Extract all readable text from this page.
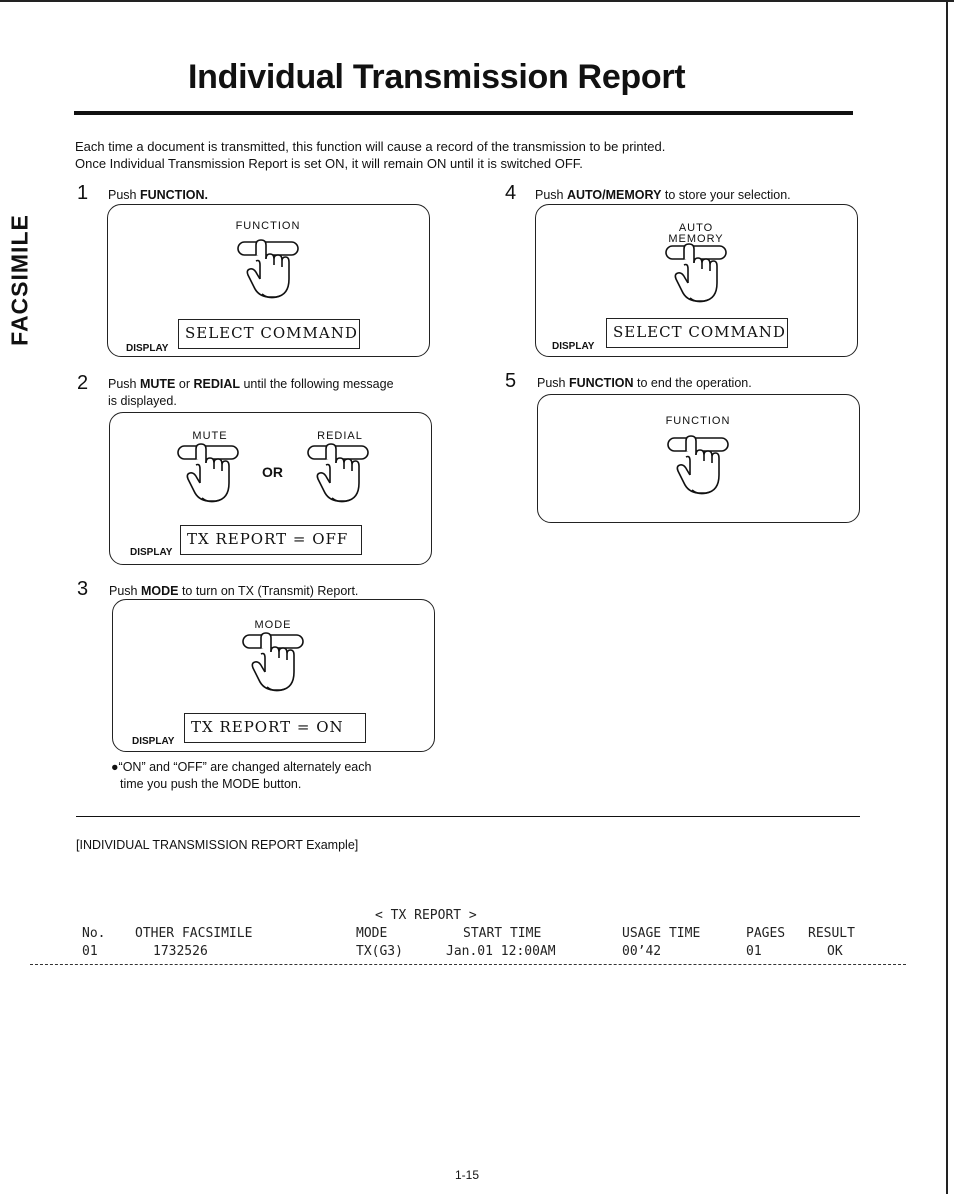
Individual Transmission Report
FACSIMILE
Each time a document is transmitted, this function will cause a record of the transmission to be printed.
Once Individual Transmission Report is set ON, it will remain ON until it is switched OFF.
1 Push FUNCTION.
FUNCTION
DISPLAY
SELECT COMMAND
2 Push MUTE or REDIAL until the following message
is displayed.
MUTE
OR
REDIAL
DISPLAY
TX REPORT = OFF
3 Push MODE to turn on TX (Transmit) Report.
MODE
DISPLAY
TX REPORT = ON
●“ON” and “OFF” are changed alternately each
time you push the MODE button.
4 Push AUTO/MEMORY to store your selection.
AUTO
MEMORY
DISPLAY
SELECT COMMAND
5 Push FUNCTION to end the operation.
FUNCTION
[INDIVIDUAL TRANSMISSION REPORT Example]
< TX REPORT >
No. OTHER FACSIMILE	MODE	START TIME	USAGE TIME	PAGES RESULT
01	1732526	TX(G3)	Jan.01 12:00AM	00’42	01	OK
1-15
